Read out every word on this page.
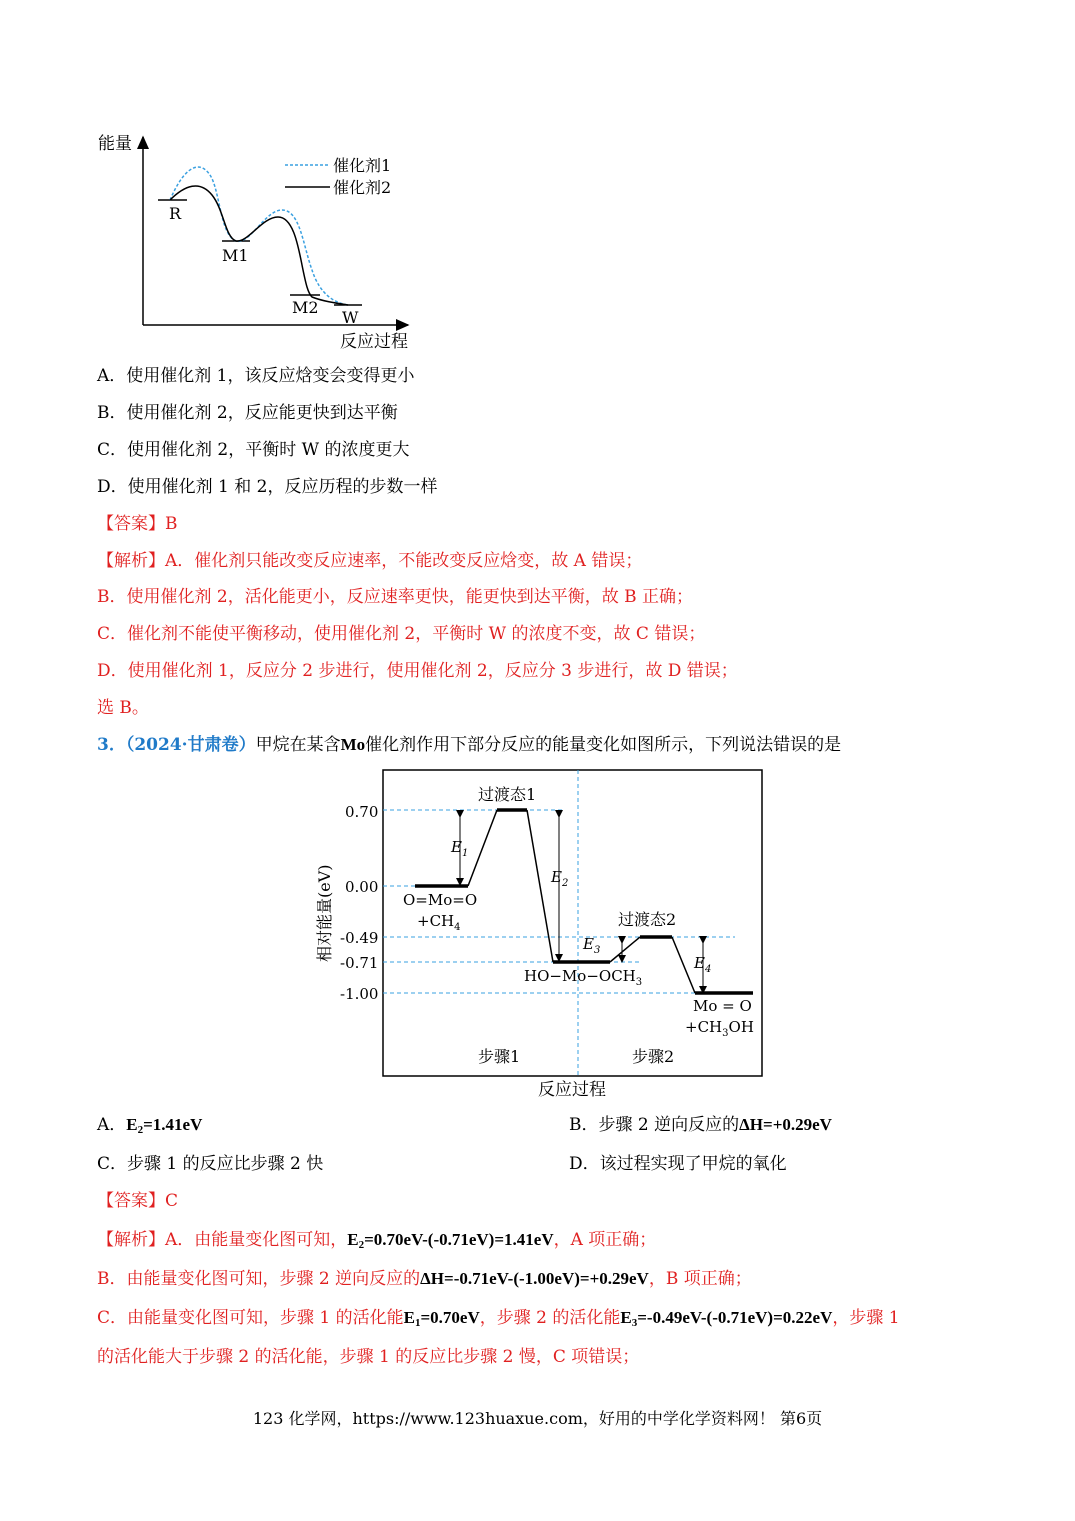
能量
反应过程
催化剂1
催化剂2
R
M1
M2
W
A．使用催化剂 1，该反应焓变会变得更小
B．使用催化剂 2，反应能更快到达平衡
C．使用催化剂 2，平衡时 W 的浓度更大
D．使用催化剂 1 和 2，反应历程的步数一样
【答案】B
【解析】A．催化剂只能改变反应速率，不能改变反应焓变，故 A 错误；
B．使用催化剂 2，活化能更小，反应速率更快，能更快到达平衡，故 B 正确；
C．催化剂不能使平衡移动，使用催化剂 2，平衡时 W 的浓度不变，故 C 错误；
D．使用催化剂 1，反应分 2 步进行，使用催化剂 2，反应分 3 步进行，故 D 错误；
选 B。
3．（2024·甘肃卷）甲烷在某含Mo催化剂作用下部分反应的能量变化如图所示，下列说法错误的是
0.70
0.00
-0.49
-0.71
-1.00
相对能量(eV)
反应过程
$E_1$
$E_2$
$E_3$
$E_4$
过渡态1
过渡态2
O=Mo=O
$+CH_4$
$HO-Mo-OCH_3$
Mo = O
$+CH_3OH$
步骤1	步骤2
A．$E_2=1.41eV$	B．步骤 2 逆向反应的ΔH=+0.29eV
C．步骤 1 的反应比步骤 2 快	D．该过程实现了甲烷的氧化
【答案】C
【解析】A．由能量变化图可知，$E_2=0.70eV-(-0.71eV)=1.41eV$，A 项正确；
B．由能量变化图可知，步骤 2 逆向反应的ΔH=-0.71eV-(-1.00eV)=+0.29eV，B 项正确；
C．由能量变化图可知，步骤 1 的活化能$E_1=0.70eV$，步骤 2 的活化能$E_3=-0.49eV-(-0.71eV)=0.22eV$，步骤 1
的活化能大于步骤 2 的活化能，步骤 1 的反应比步骤 2 慢，C 项错误；
123 化学网，https://www.123huaxue.com，好用的中学化学资料网！ 第6页
